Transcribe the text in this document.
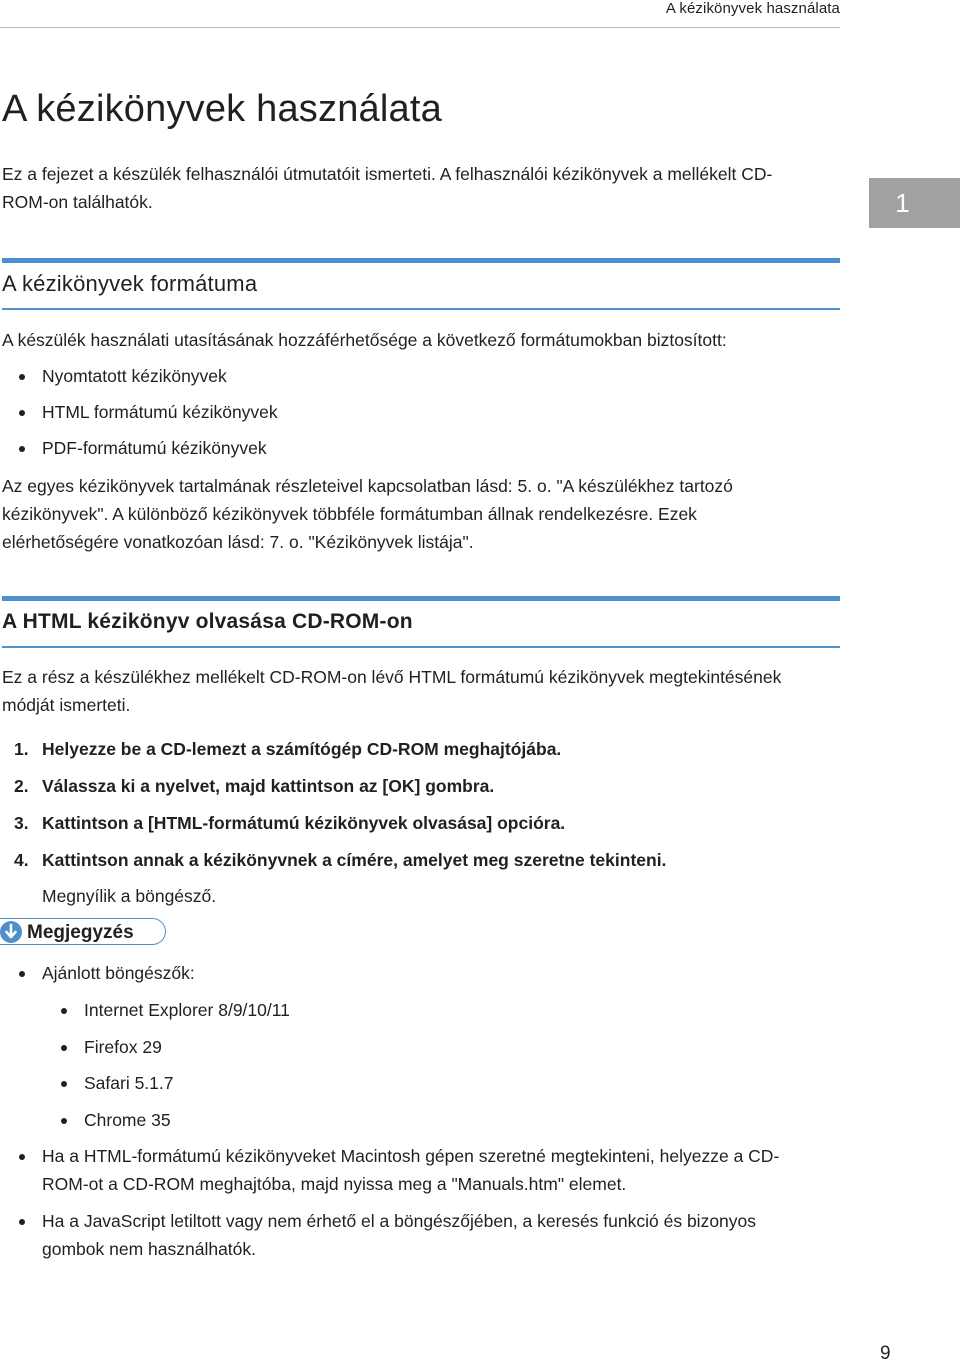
A kézikönyvek használata
1
A kézikönyvek használata

Ez a fejezet a készülék felhasználói útmutatóit ismerteti. A felhasználói kézikönyvek a mellékelt CD-
ROM-on találhatók.

A kézikönyvek formátuma

A készülék használati utasításának hozzáférhetősége a következő formátumokban biztosított:

Nyomtatott kézikönyvek
HTML formátumú kézikönyvek
PDF-formátumú kézikönyvek

Az egyes kézikönyvek tartalmának részleteivel kapcsolatban lásd: 5. o. "A készülékhez tartozó
kézikönyvek". A különböző kézikönyvek többféle formátumban állnak rendelkezésre. Ezek
elérhetőségére vonatkozóan lásd: 7. o. "Kézikönyvek listája".

A HTML kézikönyv olvasása CD-ROM-on

Ez a rész a készülékhez mellékelt CD-ROM-on lévő HTML formátumú kézikönyvek megtekintésének
módját ismerteti.

1. Helyezze be a CD-lemezt a számítógép CD-ROM meghajtójába.
2. Válassza ki a nyelvet, majd kattintson az [OK] gombra.
3. Kattintson a [HTML-formátumú kézikönyvek olvasása] opcióra.
4. Kattintson annak a kézikönyvnek a címére, amelyet meg szeretne tekinteni.

Megnyílik a böngésző.

Megjegyzés
Ajánlott böngészők:
Internet Explorer 8/9/10/11
Firefox 29
Safari 5.1.7
Chrome 35
Ha a HTML-formátumú kézikönyveket Macintosh gépen szeretné megtekinteni, helyezze a CD-
ROM-ot a CD-ROM meghajtóba, majd nyissa meg a "Manuals.htm" elemet.
Ha a JavaScript letiltott vagy nem érhető el a böngészőjében, a keresés funkció és bizonyos
gombok nem használhatók.
9
